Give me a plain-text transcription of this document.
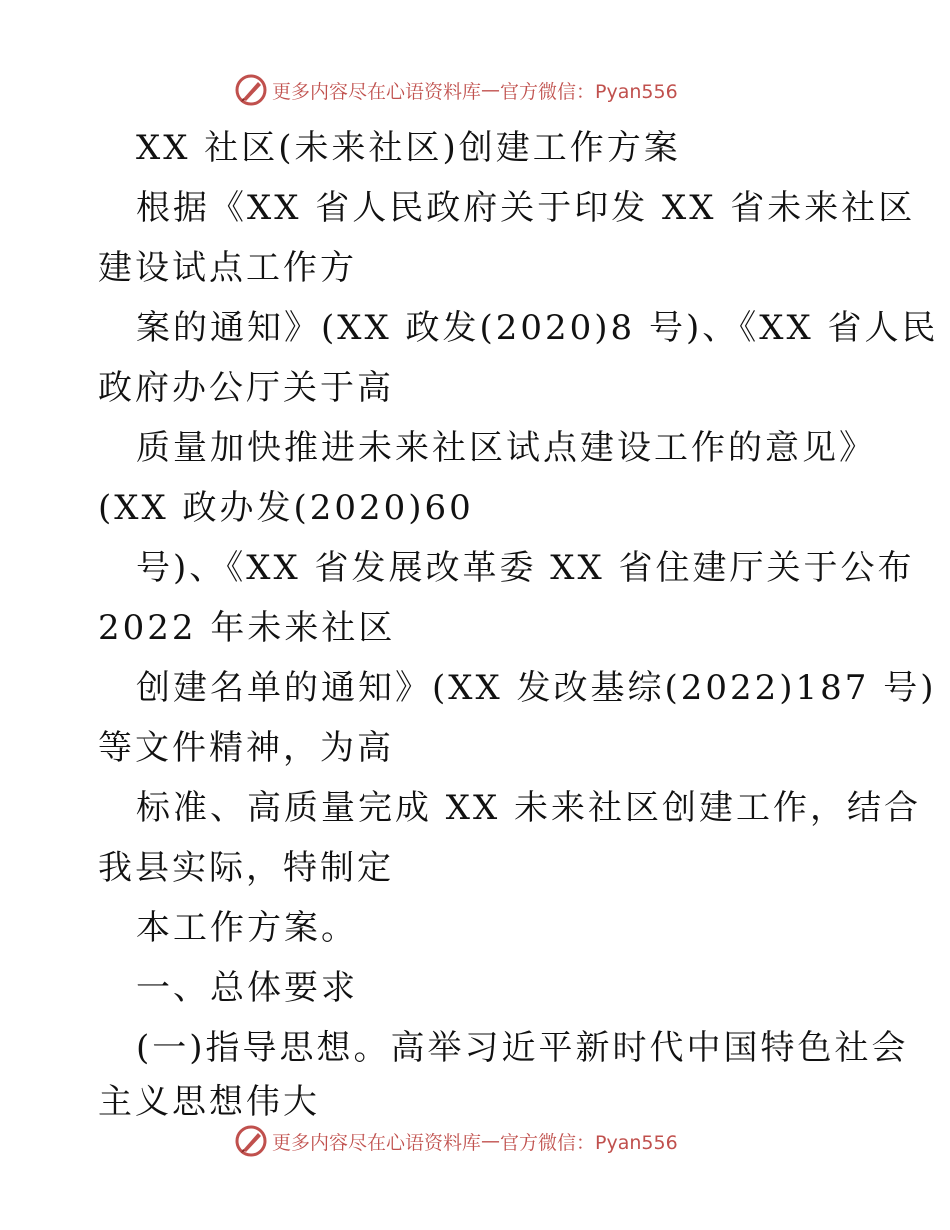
更多内容尽在心语资料库 — 官方微信：Pyan556
XX 社区(未来社区)创建工作方案
根据《XX 省人民政府关于印发 XX 省未来社区
建设试点工作方
案的通知》(XX 政发(2020)8 号)、《XX 省人民
政府办公厅关于高
质量加快推进未来社区试点建设工作的意见》
(XX 政办发(2020)60
号)、《XX 省发展改革委 XX 省住建厅关于公布
2022 年未来社区
创建名单的通知》(XX 发改基综(2022)187 号)
等文件精神，为高
标准、高质量完成 XX 未来社区创建工作，结合
我县实际，特制定
本工作方案。
一、总体要求
(一)指导思想。高举习近平新时代中国特色社会
主义思想伟大
更多内容尽在心语资料库 — 官方微信：Pyan556
